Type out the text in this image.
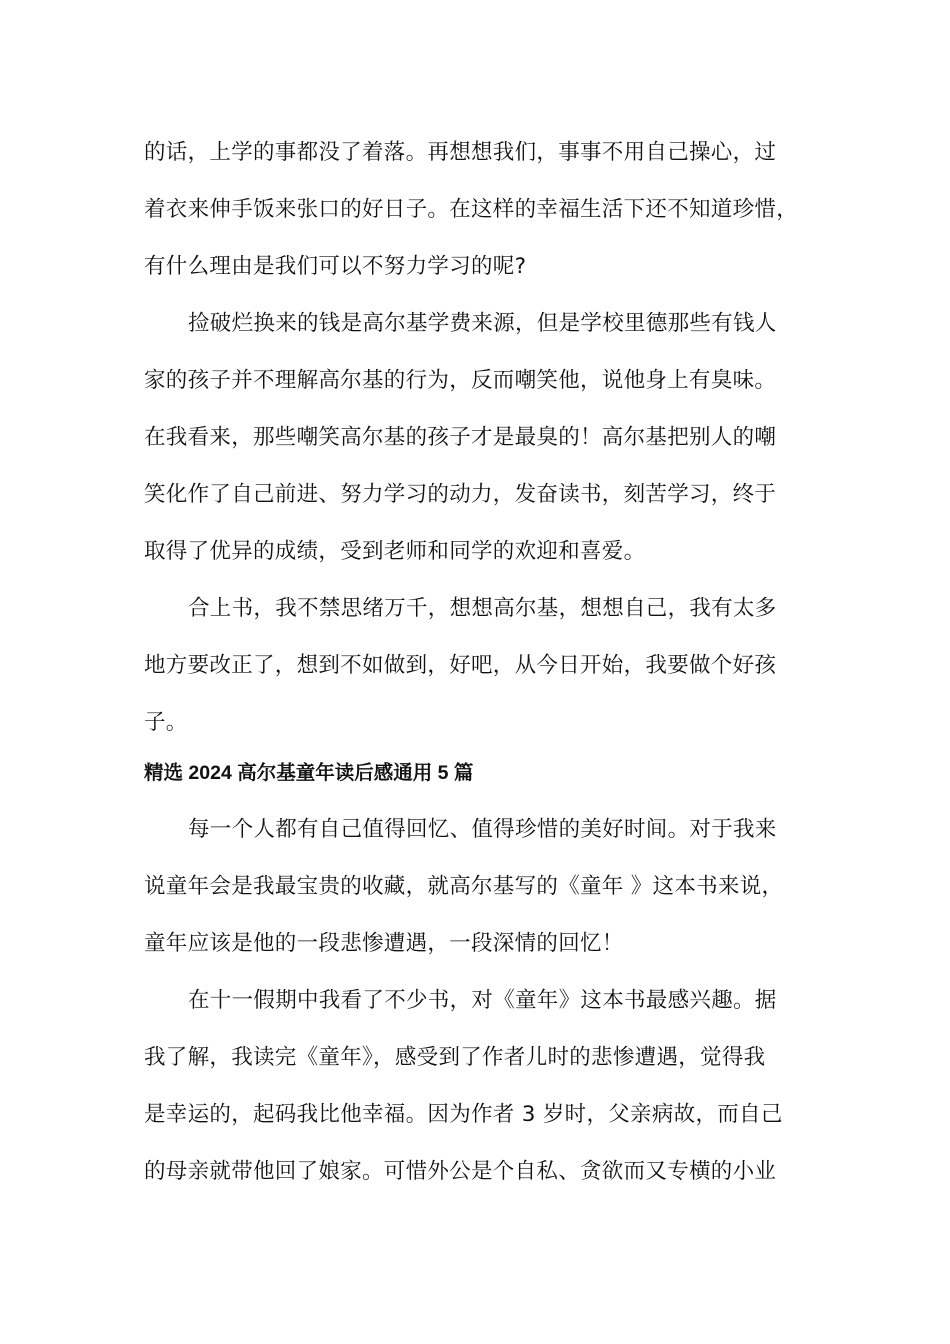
的话，上学的事都没了着落。再想想我们，事事不用自己操心，过
着衣来伸手饭来张口的好日子。在这样的幸福生活下还不知道珍惜，
有什么理由是我们可以不努力学习的呢?

捡破烂换来的钱是高尔基学费来源，但是学校里德那些有钱人
家的孩子并不理解高尔基的行为，反而嘲笑他，说他身上有臭味。
在我看来，那些嘲笑高尔基的孩子才是最臭的！高尔基把别人的嘲
笑化作了自己前进、努力学习的动力，发奋读书，刻苦学习，终于
取得了优异的成绩，受到老师和同学的欢迎和喜爱。

合上书，我不禁思绪万千，想想高尔基，想想自己，我有太多
地方要改正了，想到不如做到，好吧，从今日开始，我要做个好孩
子。

精选 2024 高尔基童年读后感通用 5 篇

每一个人都有自己值得回忆、值得珍惜的美好时间。对于我来
说童年会是我最宝贵的收藏，就高尔基写的《童年 》这本书来说，
童年应该是他的一段悲惨遭遇，一段深情的回忆！

在十一假期中我看了不少书，对《童年》这本书最感兴趣。据
我了解，我读完《童年》，感受到了作者儿时的悲惨遭遇，觉得我
是幸运的，起码我比他幸福。因为作者 3 岁时，父亲病故，而自己
的母亲就带他回了娘家。可惜外公是个自私、贪欲而又专横的小业
